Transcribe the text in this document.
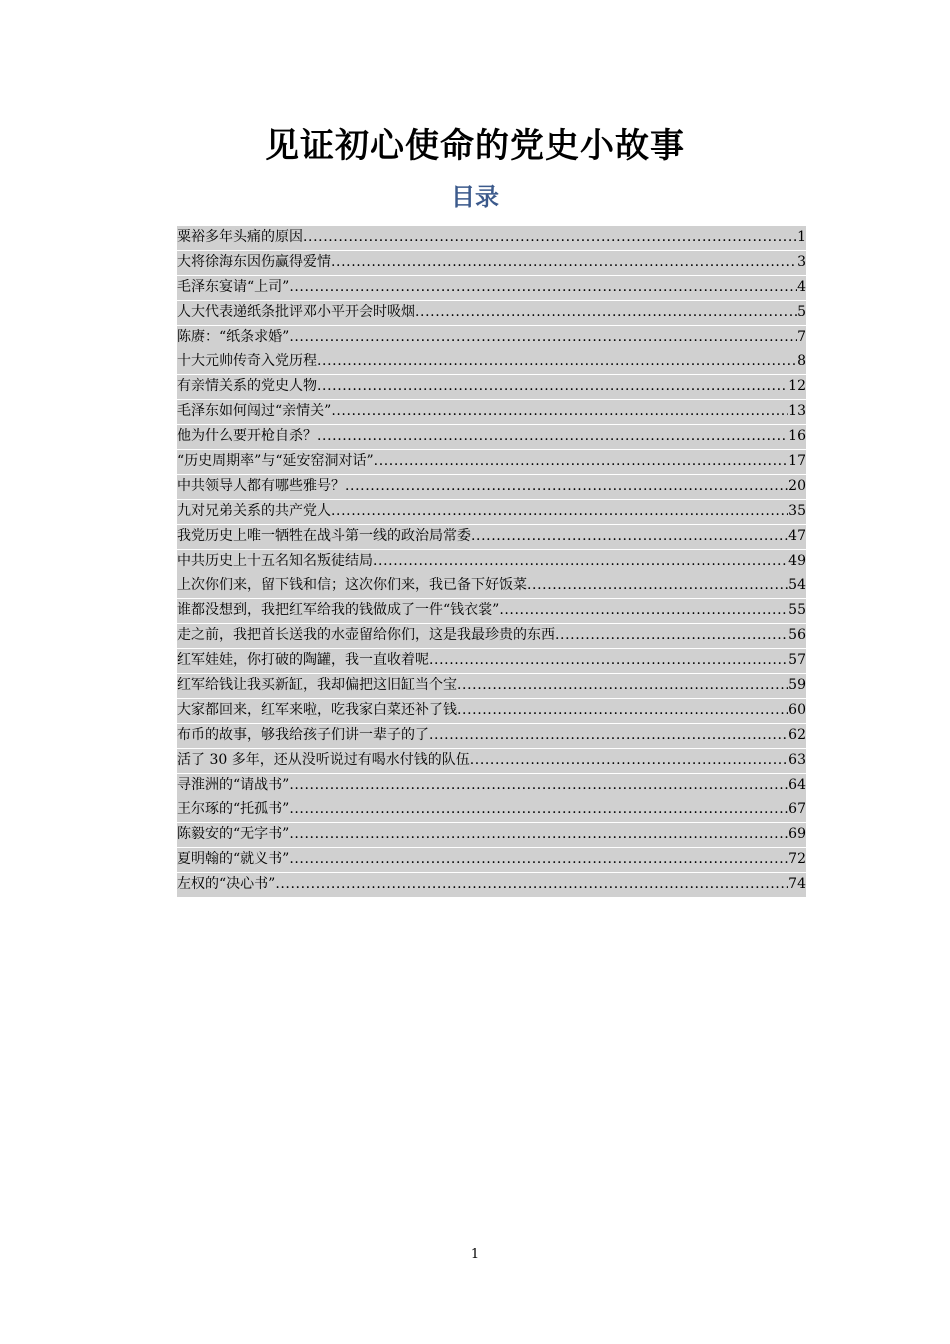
见证初心使命的党史小故事
目录
粟裕多年头痛的原因 .....	1
大将徐海东因伤赢得爱情 .....	3
毛泽东宴请“上司” .....	4
人大代表递纸条批评邓小平开会时吸烟 .....	5
陈赓：“纸条求婚” .....	7
十大元帅传奇入党历程 .....	8
有亲情关系的党史人物 .....	12
毛泽东如何闯过“亲情关” .....	13
他为什么要开枪自杀？ .....	16
“历史周期率”与“延安窑洞对话” .....	17
中共领导人都有哪些雅号？ .....	20
九对兄弟关系的共产党人 .....	35
我党历史上唯一牺牲在战斗第一线的政治局常委 .....	47
中共历史上十五名知名叛徒结局 .....	49
上次你们来，留下钱和信；这次你们来，我已备下好饭菜 .....	54
谁都没想到，我把红军给我的钱做成了一件“钱衣裳” .....	55
走之前，我把首长送我的水壶留给你们，这是我最珍贵的东西 .....	56
红军娃娃，你打破的陶罐，我一直收着呢 .....	57
红军给钱让我买新缸，我却偏把这旧缸当个宝 .....	59
大家都回来，红军来啦，吃我家白菜还补了钱 .....	60
布币的故事，够我给孩子们讲一辈子的了 .....	62
活了 30 多年，还从没听说过有喝水付钱的队伍 .....	63
寻淮洲的“请战书” .....	64
王尔琢的“托孤书” .....	67
陈毅安的“无字书” .....	69
夏明翰的“就义书” .....	72
左权的“决心书” .....	74
1
